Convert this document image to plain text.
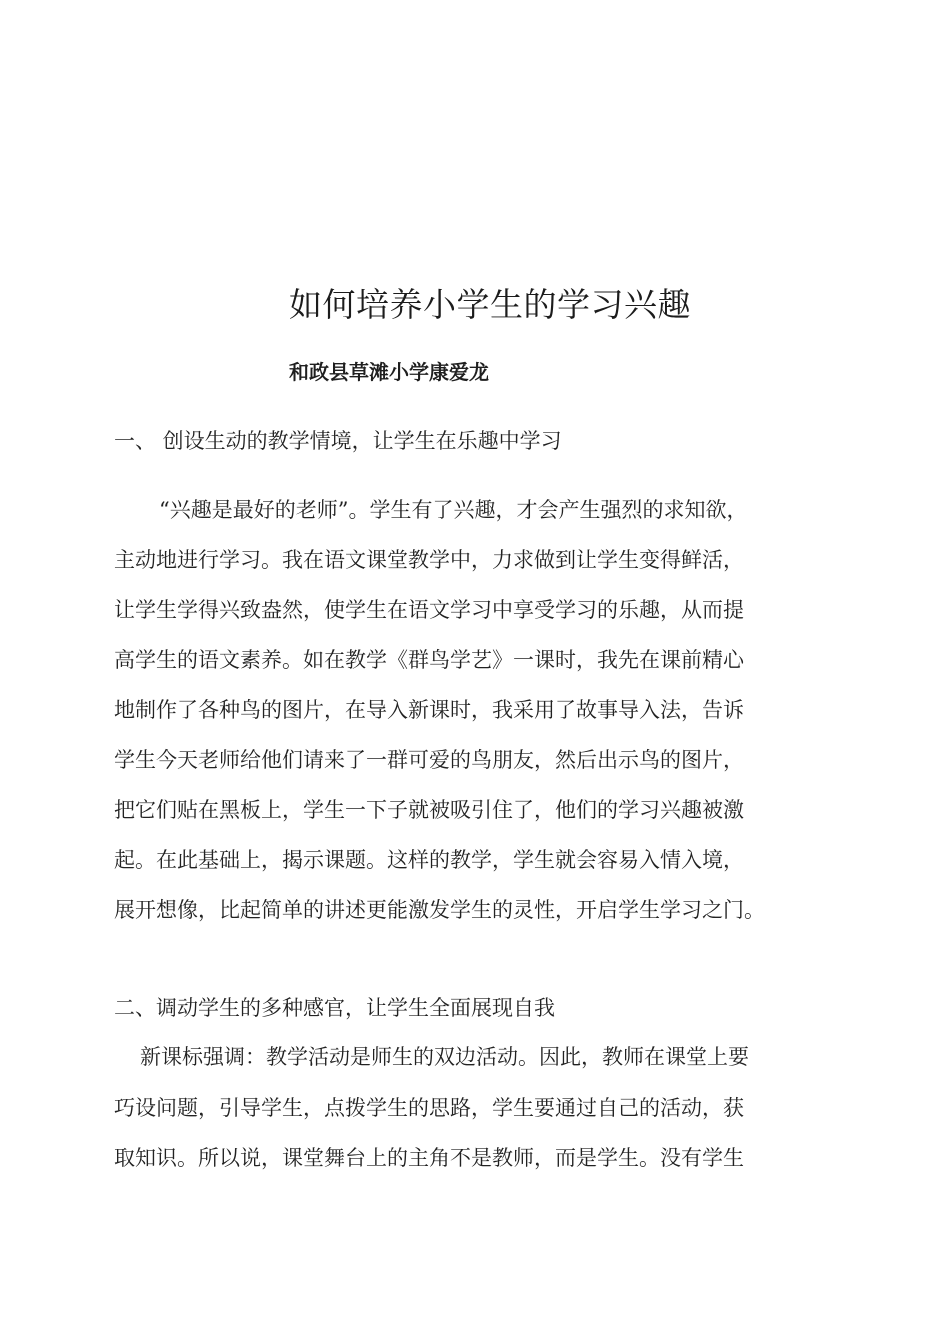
如何培养小学生的学习兴趣

和政县草滩小学康爱龙

一、 创设生动的教学情境，让学生在乐趣中学习

“兴趣是最好的老师”。学生有了兴趣，才会产生强烈的求知欲，

主动地进行学习。我在语文课堂教学中，力求做到让学生变得鲜活，

让学生学得兴致盎然，使学生在语文学习中享受学习的乐趣，从而提

高学生的语文素养。如在教学《群鸟学艺》一课时，我先在课前精心

地制作了各种鸟的图片，在导入新课时，我采用了故事导入法，告诉

学生今天老师给他们请来了一群可爱的鸟朋友，然后出示鸟的图片，

把它们贴在黑板上，学生一下子就被吸引住了，他们的学习兴趣被激

起。在此基础上，揭示课题。这样的教学，学生就会容易入情入境，

展开想像，比起简单的讲述更能激发学生的灵性，开启学生学习之门。

二、调动学生的多种感官，让学生全面展现自我

新课标强调：教学活动是师生的双边活动。因此，教师在课堂上要

巧设问题，引导学生，点拨学生的思路，学生要通过自己的活动，获

取知识。所以说，课堂舞台上的主角不是教师，而是学生。没有学生
